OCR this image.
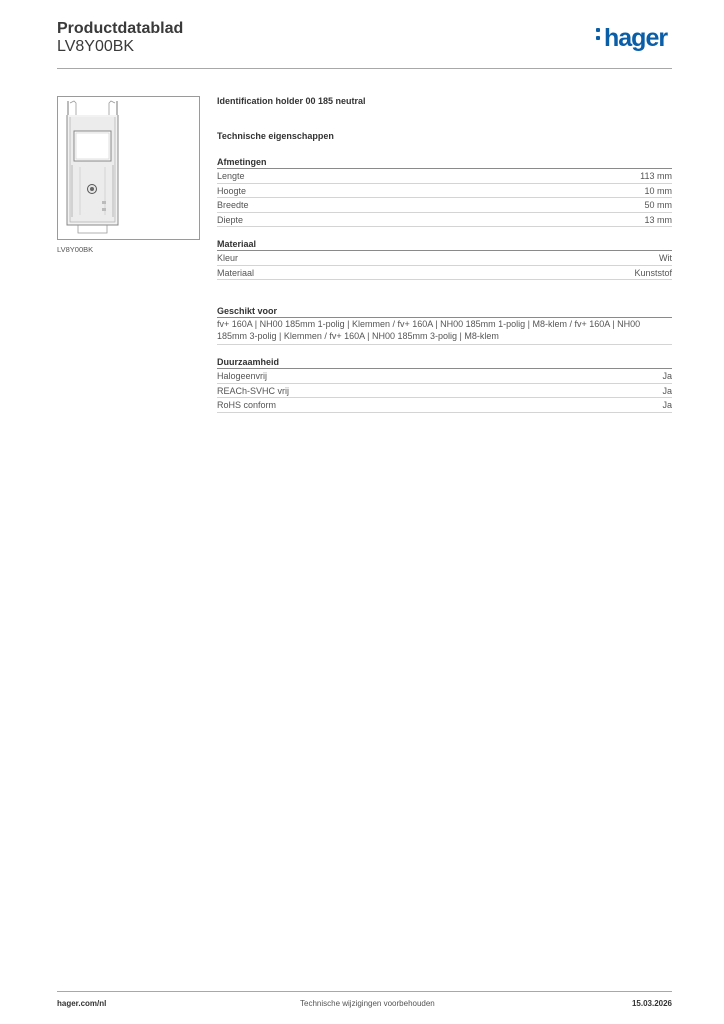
Productdatablad
LV8Y00BK	hager
LV8Y00BK
Identification holder 00 185 neutral
Technische eigenschappen
Afmetingen
Lengte	113 mm
Hoogte	10 mm
Breedte	50 mm
Diepte	13 mm
Materiaal
Kleur	Wit
Materiaal	Kunststof
Geschikt voor
fv+ 160A | NH00 185mm 1-polig | Klemmen / fv+ 160A | NH00 185mm 1-polig | M8-klem / fv+ 160A | NH00 185mm 3-polig | Klemmen / fv+ 160A | NH00 185mm 3-polig | M8-klem
Duurzaamheid
Halogeenvrij	Ja
REACh-SVHC vrij	Ja
RoHS conform	Ja
hager.com/nl	Technische wijzigingen voorbehouden	15.03.2026
